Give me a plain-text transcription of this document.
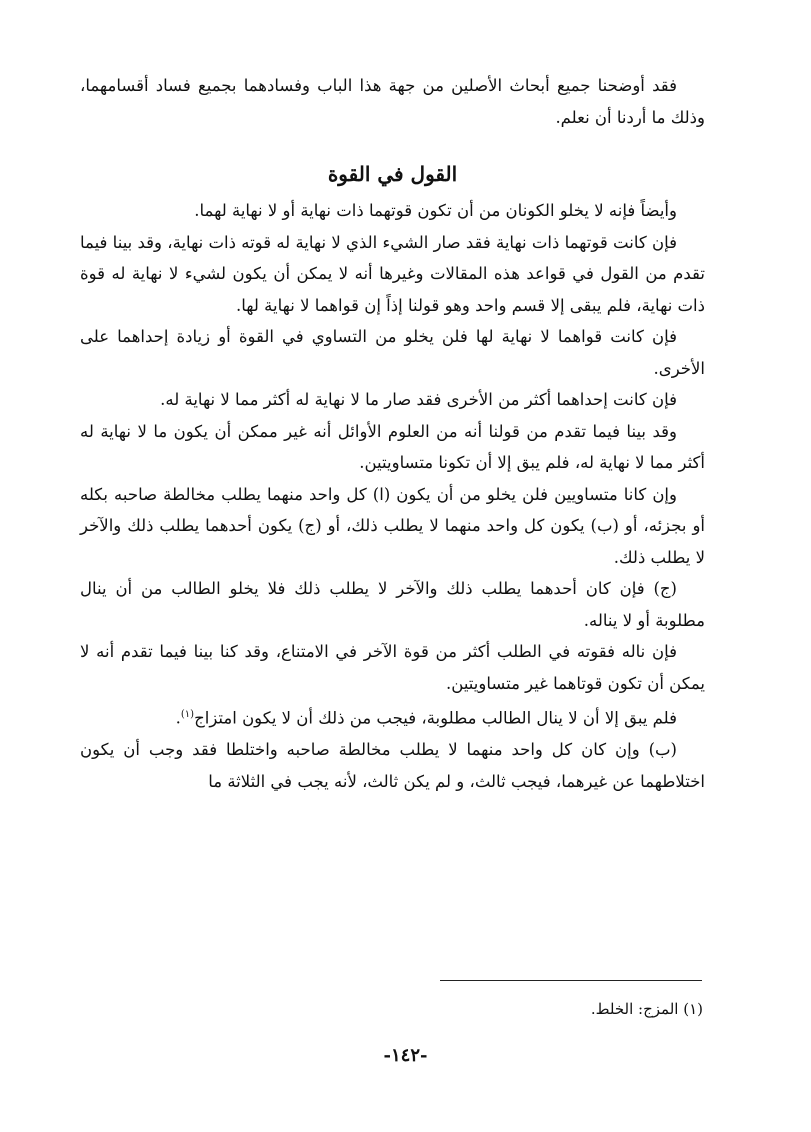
فقد أوضحنا جميع أبحاث الأصلين من جهة هذا الباب وفسادهما بجميع فساد أقسامهما، وذلك ما أردنا أن نعلم.

القول في القوة

وأيضاً فإنه لا يخلو الكونان من أن تكون قوتهما ذات نهاية أو لا نهاية لهما.

فإن كانت قوتهما ذات نهاية فقد صار الشيء الذي لا نهاية له قوته ذات نهاية، وقد بينا فيما تقدم من القول في قواعد هذه المقالات وغيرها أنه لا يمكن أن يكون لشيء لا نهاية له قوة ذات نهاية، فلم يبقى إلا قسم واحد وهو قولنا إذاً إن قواهما لا نهاية لها.

فإن كانت قواهما لا نهاية لها فلن يخلو من التساوي في القوة أو زيادة إحداهما على الأخرى.

فإن كانت إحداهما أكثر من الأخرى فقد صار ما لا نهاية له أكثر مما لا نهاية له.

وقد بينا فيما تقدم من قولنا أنه من العلوم الأوائل أنه غير ممكن أن يكون ما لا نهاية له أكثر مما لا نهاية له، فلم يبق إلا أن تكونا متساويتين.

وإن كانا متساويين فلن يخلو من أن يكون (ا) كل واحد منهما يطلب مخالطة صاحبه بكله أو بجزئه، أو (ب) يكون كل واحد منهما لا يطلب ذلك، أو (ج) يكون أحدهما يطلب ذلك والآخر لا يطلب ذلك.

(ج) فإن كان أحدهما يطلب ذلك والآخر لا يطلب ذلك فلا يخلو الطالب من أن ينال مطلوبة أو لا يناله.

فإن ناله فقوته في الطلب أكثر من قوة الآخر في الامتناع، وقد كنا بينا فيما تقدم أنه لا يمكن أن تكون قوتاهما غير متساويتين.

فلم يبق إلا أن لا ينال الطالب مطلوبة، فيجب من ذلك أن لا يكون امتزاج$^{(١)}$.

(ب) وإن كان كل واحد منهما لا يطلب مخالطة صاحبه واختلطا فقد وجب أن يكون اختلاطهما عن غيرهما، فيجب ثالث، و لم يكن ثالث، لأنه يجب في الثلاثة ما

(١) المزج: الخلط.

-١٤٢-
